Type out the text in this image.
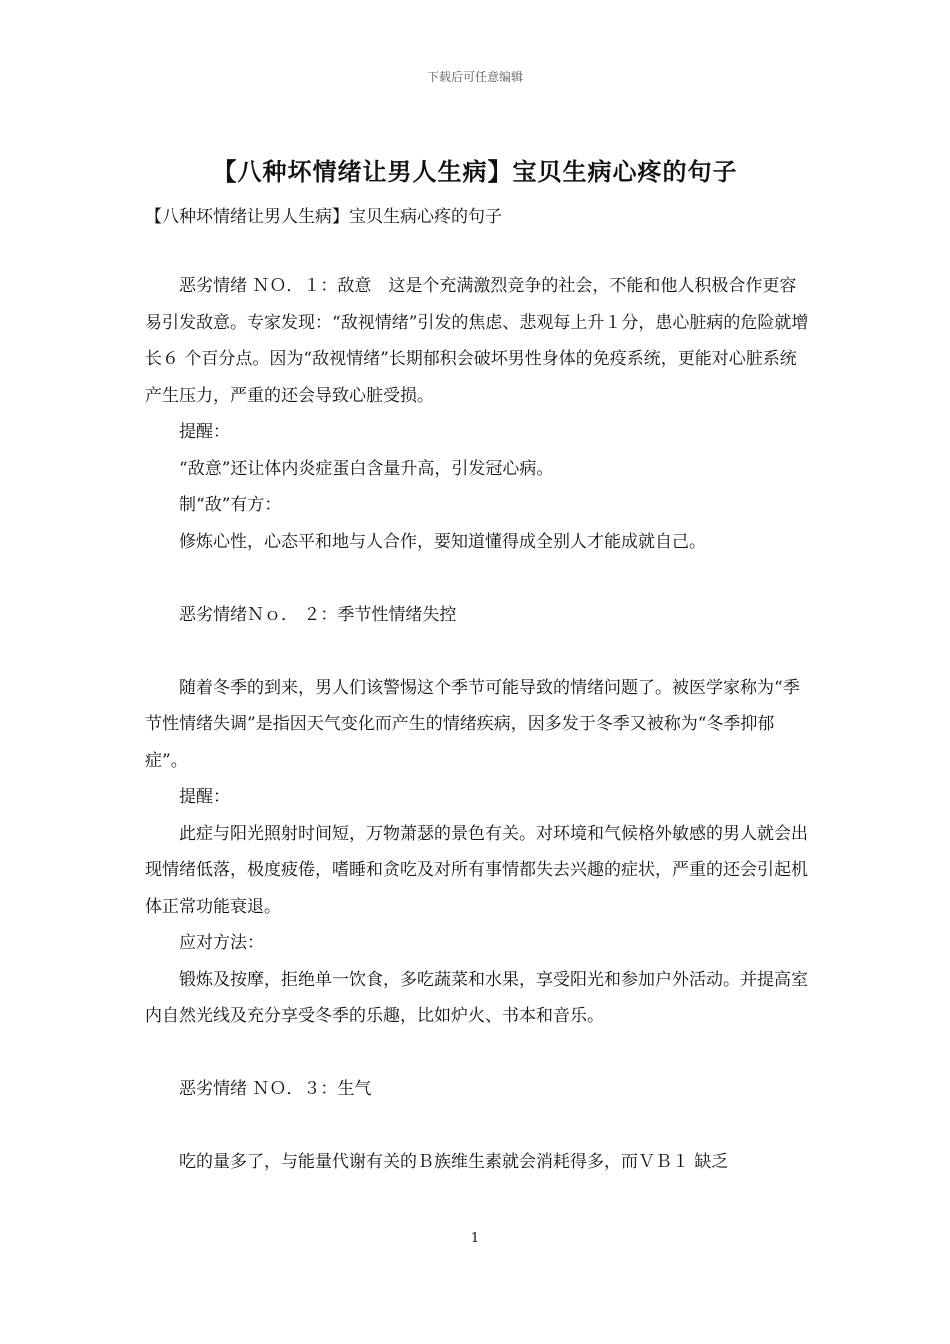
下载后可任意编辑
【八种坏情绪让男人生病】宝贝生病心疼的句子
【八种坏情绪让男人生病】宝贝生病心疼的句子

恶劣情绪 ＮＯ．１：敌意　这是个充满激烈竞争的社会，不能和他人积极合作更容易引发敌意。专家发现：“敌视情绪”引发的焦虑、悲观每上升１分，患心脏病的危险就增长６ 个百分点。因为“敌视情绪”长期郁积会破坏男性身体的免疫系统，更能对心脏系统产生压力，严重的还会导致心脏受损。

提醒：

“敌意”还让体内炎症蛋白含量升高，引发冠心病。

制“敌”有方：

修炼心性，心态平和地与人合作，要知道懂得成全别人才能成就自己。

恶劣情绪Ｎｏ． ２：季节性情绪失控

随着冬季的到来，男人们该警惕这个季节可能导致的情绪问题了。被医学家称为“季节性情绪失调”是指因天气变化而产生的情绪疾病，因多发于冬季又被称为“冬季抑郁症”。

提醒：

此症与阳光照射时间短，万物萧瑟的景色有关。对环境和气候格外敏感的男人就会出现情绪低落，极度疲倦，嗜睡和贪吃及对所有事情都失去兴趣的症状，严重的还会引起机体正常功能衰退。

应对方法：

锻炼及按摩，拒绝单一饮食，多吃蔬菜和水果，享受阳光和参加户外活动。并提高室内自然光线及充分享受冬季的乐趣，比如炉火、书本和音乐。

恶劣情绪 ＮＯ．３：生气

吃的量多了，与能量代谢有关的Ｂ族维生素就会消耗得多，而ＶＢ１ 缺乏

1
